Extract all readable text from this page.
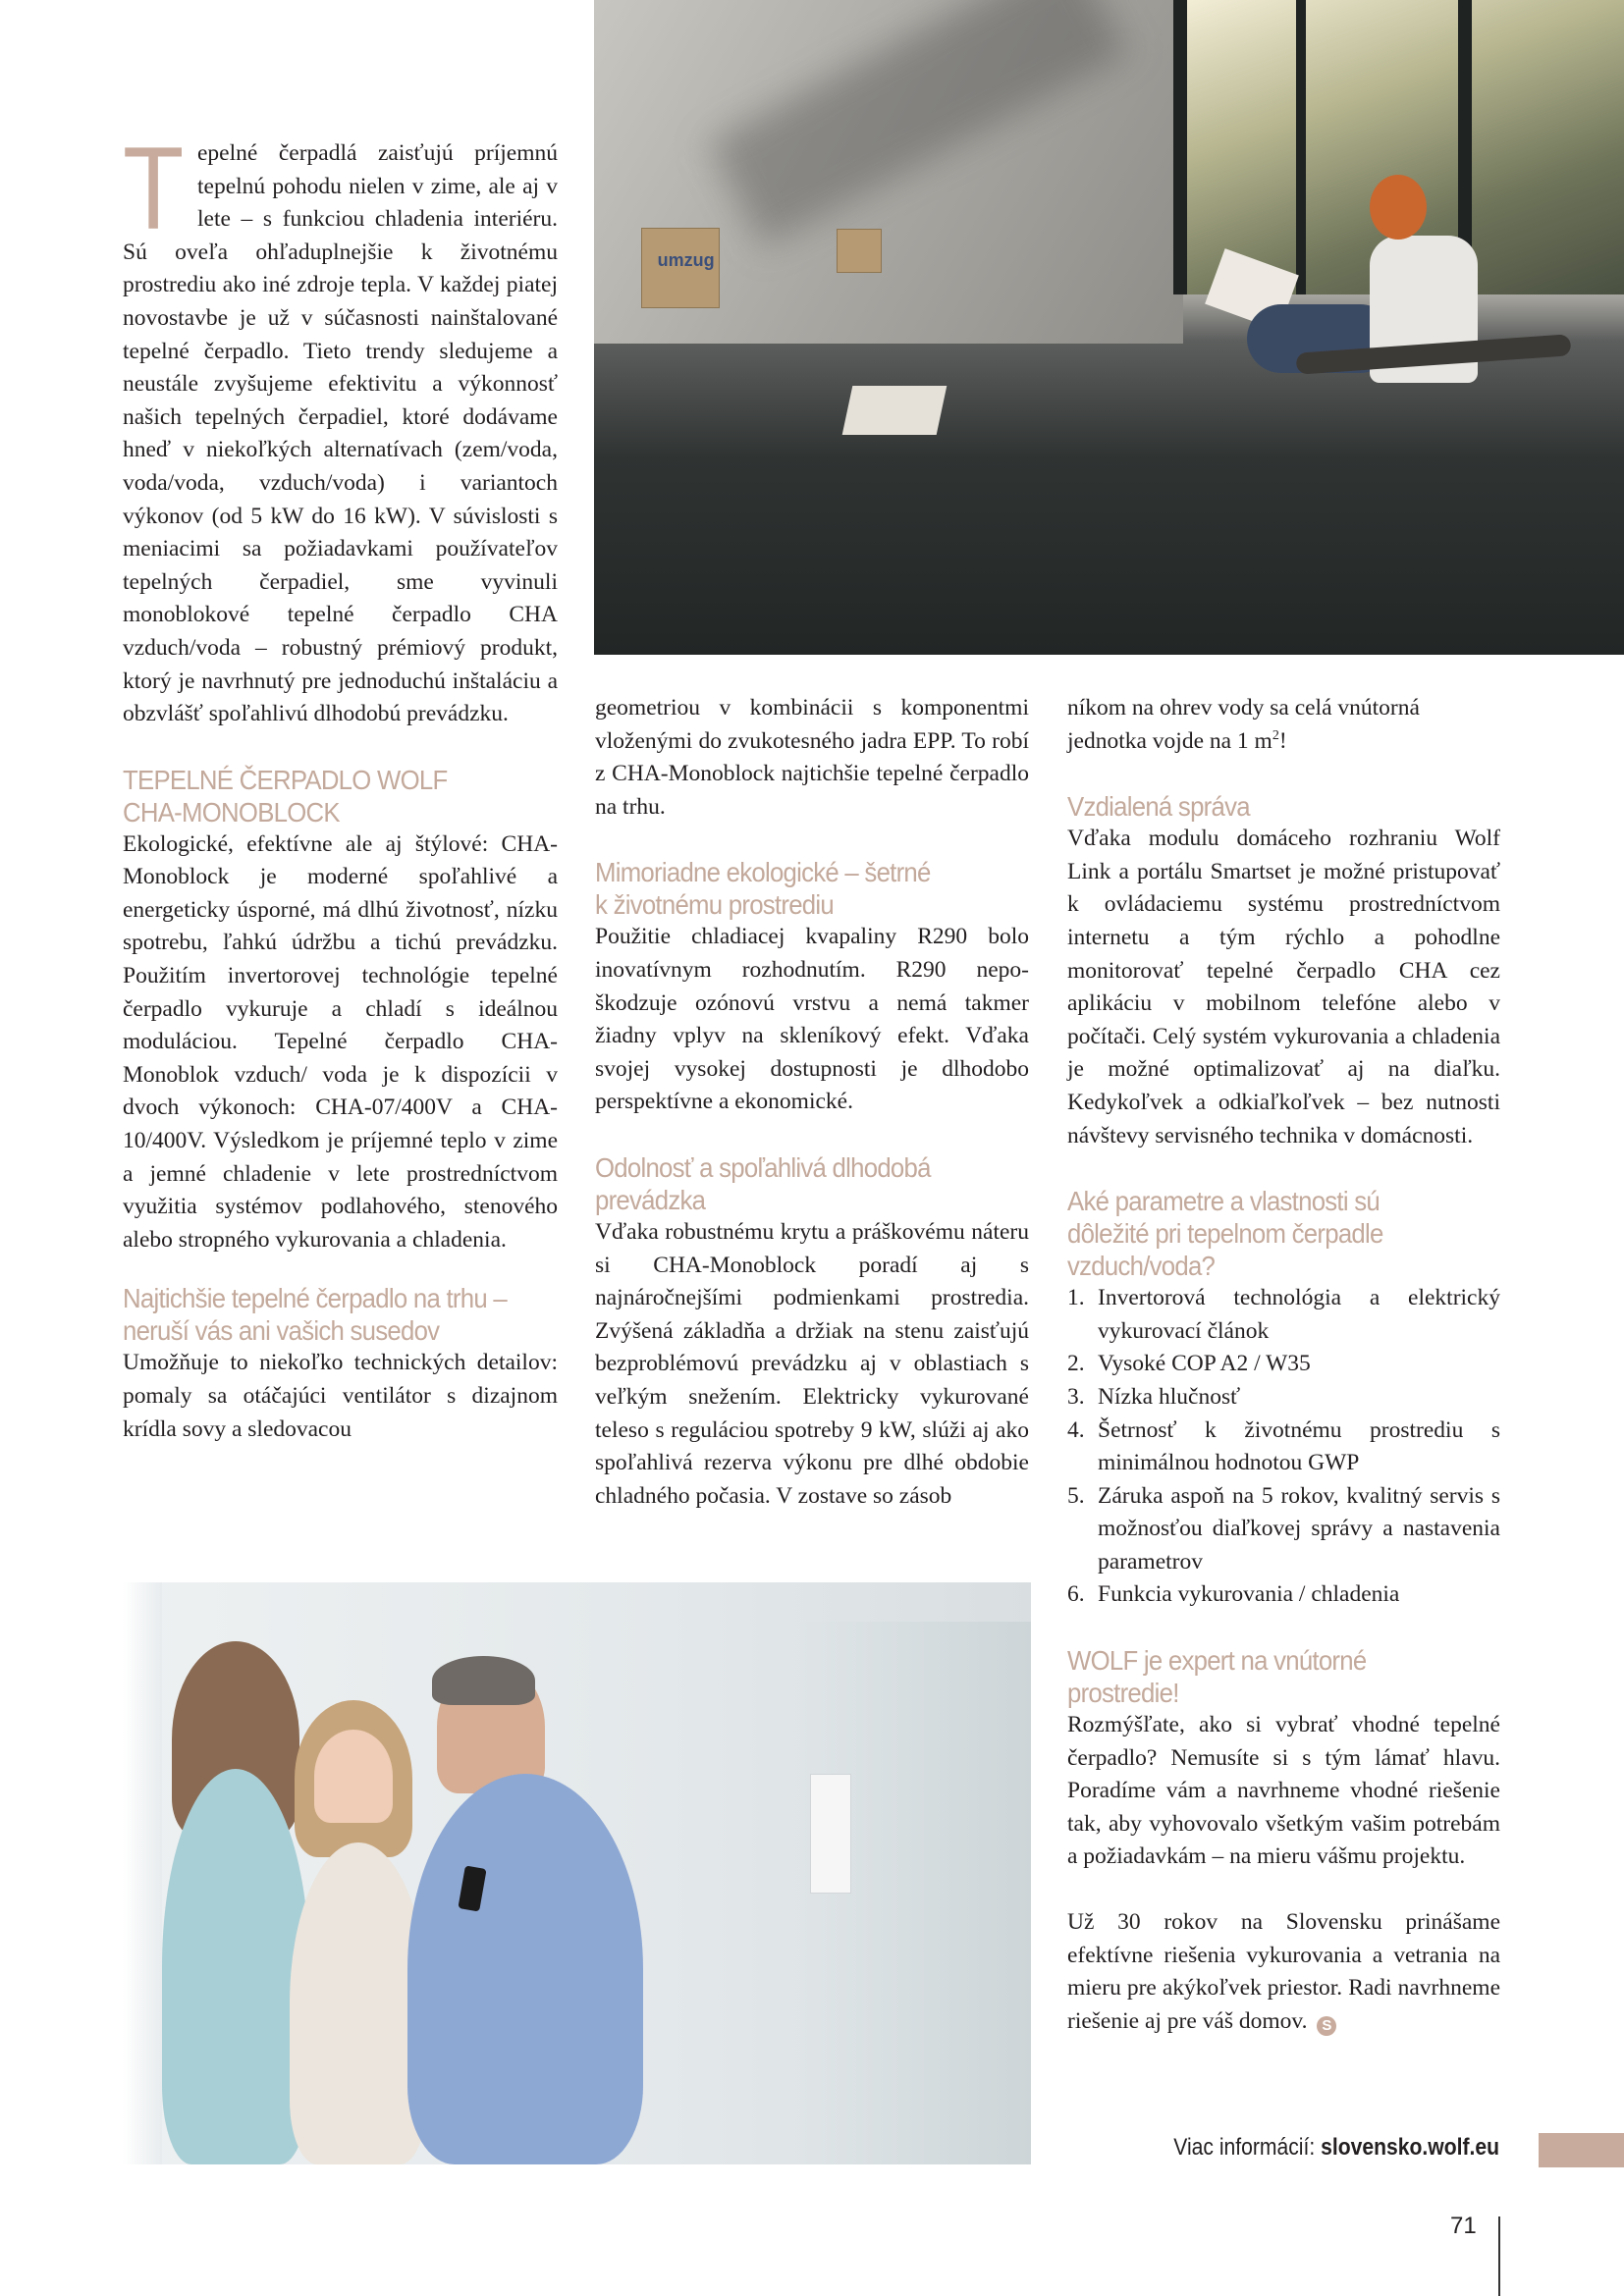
umzug

Tepelné čerpadlá zaisťujú príjemnú tepelnú pohodu nielen v zime, ale aj v lete – s funkciou chladenia interiéru. Sú oveľa ohľaduplnejšie k životnému prostrediu ako iné zdroje tepla. V každej piatej novostavbe je už v súčasnosti nainštalované tepelné čerpadlo. Tieto trendy sledujeme a neustále zvyšujeme efektivitu a výkonnosť našich tepelných čerpadiel, ktoré dodávame hneď v niekoľkých alternatívach (zem/voda, voda/voda, vzduch/voda) i variantoch výkonov (od 5 kW do 16 kW). V súvislosti s meniacimi sa požiadavkami používateľov tepelných čerpadiel, sme vyvinuli monoblokové tepelné čerpadlo CHA vzduch/voda – robustný prémiový produkt, ktorý je navrhnutý pre jednoduchú inštaláciu a obzvlášť spoľahlivú dlhodobú prevádzku.

TEPELNÉ ČERPADLO WOLF
CHA-MONOBLOCK

Ekologické, efektívne ale aj štýlové: CHA-Monoblock je moderné spoľahlivé a energeticky úsporné, má dlhú životnosť, nízku spotrebu, ľahkú údržbu a tichú prevádzku. Použitím invertorovej technológie tepelné čerpadlo vykuruje a chladí s ideálnou moduláciou. Tepelné čerpadlo CHA-Monoblok vzduch/ voda je k dispozícii v dvoch výkonoch: CHA-07/400V a CHA-10/400V. Výsledkom je príjemné teplo v zime a jemné chladenie v lete prostredníctvom využitia systémov podlahového, stenového alebo stropného vykurovania a chladenia.

Najtichšie tepelné čerpadlo na trhu –
neruší vás ani vašich susedov

Umožňuje to niekoľko technických detailov: pomaly sa otáčajúci ventilátor s dizajnom krídla sovy a sledovacou

geometriou v kombinácii s komponentmi vloženými do zvukotesného jadra EPP. To robí z CHA-Monoblock najtichšie tepelné čerpadlo na trhu.

Mimoriadne ekologické – šetrné
k životnému prostrediu

Použitie chladiacej kvapaliny R290 bolo inovatívnym rozhodnutím. R290 nepoškodzuje ozónovú vrstvu a nemá takmer žiadny vplyv na skleníkový efekt. Vďaka svojej vysokej dostupnosti je dlhodobo perspektívne a ekonomické.

Odolnosť a spoľahlivá dlhodobá
prevádzka

Vďaka robustnému krytu a práškovému náteru si CHA-Monoblock poradí aj s najnáročnejšími podmienkami prostredia. Zvýšená základňa a držiak na stenu zaisťujú bezproblémovú prevádzku aj v oblastiach s veľkým snežením. Elektricky vykurované teleso s reguláciou spotreby 9 kW, slúži aj ako spoľahlivá rezerva výkonu pre dlhé obdobie chladného počasia. V zostave so zásob

níkom na ohrev vody sa celá vnútorná jednotka vojde na 1 $m^2$!

Vzdialená správa

Vďaka modulu domáceho rozhraniu Wolf Link a portálu Smartset je možné pristupovať k ovládaciemu systému prostredníctvom internetu a tým rýchlo a pohodlne monitorovať tepelné čerpadlo CHA cez aplikáciu v mobilnom telefóne alebo v počítači. Celý systém vykurovania a chladenia je možné optimalizovať aj na diaľku. Kedykoľvek a odkiaľkoľvek – bez nutnosti návštevy servisného technika v domácnosti.

Aké parametre a vlastnosti sú
dôležité pri tepelnom čerpadle
vzduch/voda?
1. Invertorová technológia a elektrický vykurovací článok
2. Vysoké COP A2 / W35
3. Nízka hlučnosť
4. Šetrnosť k životnému prostrediu s minimálnou hodnotou GWP
5. Záruka aspoň na 5 rokov, kvalitný servis s možnosťou diaľkovej správy a nastavenia parametrov
6. Funkcia vykurovania / chladenia
WOLF je expert na vnútorné
prostredie!

Rozmýšľate, ako si vybrať vhodné tepelné čerpadlo? Nemusíte si s tým lámať hlavu. Poradíme vám a navrhneme vhodné riešenie tak, aby vyhovovalo všetkým vašim potrebám a požiadavkám – na mieru vášmu projektu.

Už 30 rokov na Slovensku prinášame efektívne riešenia vykurovania a vetrania na mieru pre akýkoľvek priestor. Radi navrhneme riešenie aj pre váš domov. S

Viac informácií: slovensko.wolf.eu
71
